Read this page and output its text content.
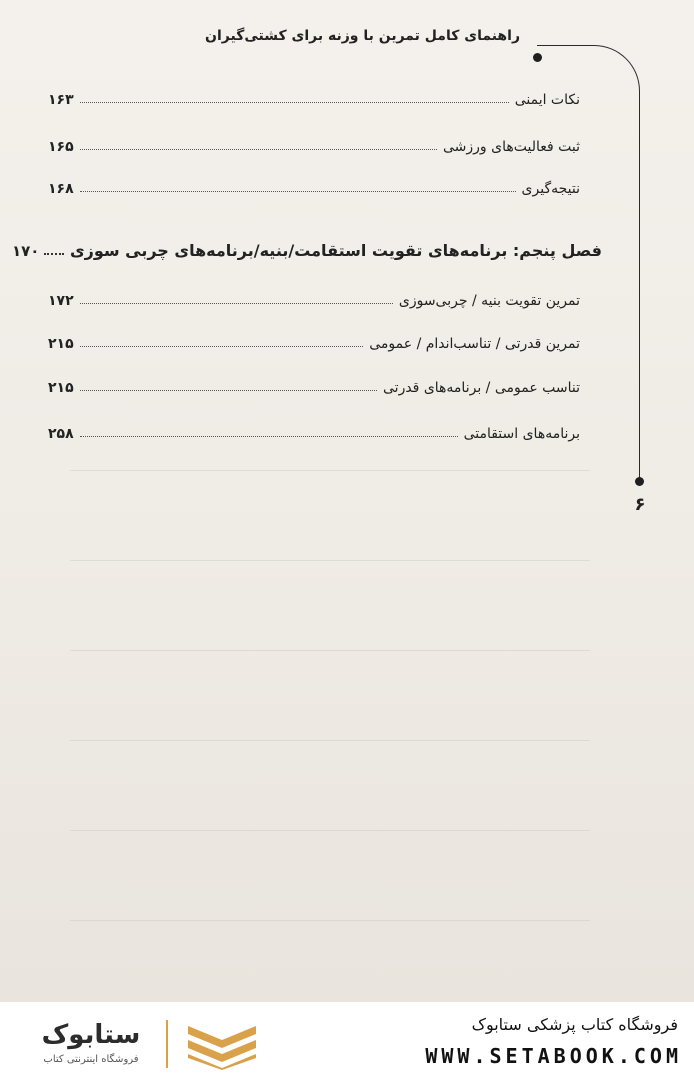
راهنمای کامل تمرین با وزنه برای کشتی‌گیران
۶
نکات ایمنی
۱۶۳
ثبت فعالیت‌های ورزشی
۱۶۵
نتیجه‌گیری
۱۶۸
فصل پنجم: برنامه‌های تقویت استقامت/بنیه/برنامه‌های چربی سوزی
۱۷۰
تمرین تقویت بنیه / چربی‌سوزی
۱۷۲
تمرین قدرتی / تناسب‌اندام / عمومی
۲۱۵
تناسب عمومی / برنامه‌های قدرتی
۲۱۵
برنامه‌های استقامتی
۲۵۸
ستابوک
فروشگاه اینترنتی کتاب
فروشگاه کتاب پزشکی ستابوک
WWW.SETABOOK.COM
